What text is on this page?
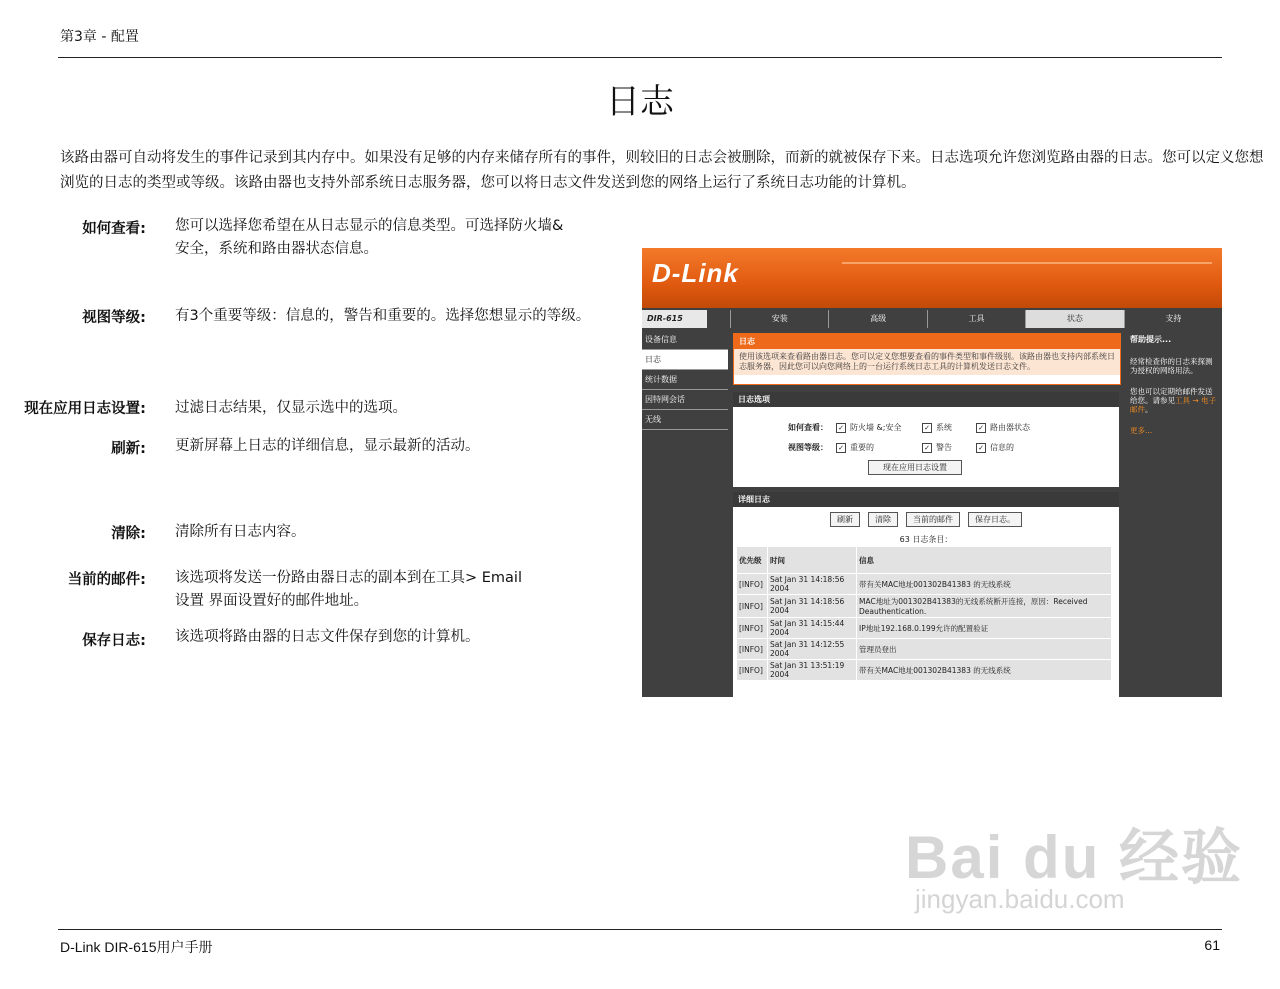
第3章 - 配置
日志
该路由器可自动将发生的事件记录到其内存中。如果没有足够的内存来储存所有的事件，则较旧的日志会被删除，而新的就被保存下来。日志选项允许您浏览路由器的日志。您可以定义您想浏览的日志的类型或等级。该路由器也支持外部系统日志服务器，您可以将日志文件发送到您的网络上运行了系统日志功能的计算机。
如何查看: 您可以选择您希望在从日志显示的信息类型。可选择防火墙&安全，系统和路由器状态信息。
视图等级: 有3个重要等级：信息的，警告和重要的。选择您想显示的等级。
现在应用日志设置: 过滤日志结果，仅显示选中的选项。
刷新: 更新屏幕上日志的详细信息，显示最新的活动。
清除: 清除所有日志内容。
当前的邮件: 该选项将发送一份路由器日志的副本到在工具> Email设置 界面设置好的邮件地址。
保存日志: 该选项将路由器的日志文件保存到您的计算机。
D-Link
DIR-615	安装	高级	工具	状态	支持
设备信息
日志
统计数据
因特网会话
无线
日志
使用该选项来查看路由器日志。您可以定义您想要查看的事件类型和事件级别。该路由器也支持内部系统日志服务器，因此您可以向您网络上的一台运行系统日志工具的计算机发送日志文件。
日志选项
如何查看：	✓ 防火墙 &;安全	✓ 系统	✓ 路由器状态
视图等级：	✓ 重要的	✓ 警告	✓ 信息的
现在应用日志设置
详细日志
刷新	清除	当前的邮件	保存日志。
63 日志条目：
优先级	时间	信息
[INFO]	Sat Jan 31 14:18:56 2004	带有关MAC地址001302B41383 的无线系统
[INFO]	Sat Jan 31 14:18:56 2004	MAC地址为001302B41383的无线系统断开连接，原因：Received Deauthentication.
[INFO]	Sat Jan 31 14:15:44 2004	IP地址192.168.0.199允许的配置验证
[INFO]	Sat Jan 31 14:12:55 2004	管理员登出
[INFO]	Sat Jan 31 13:51:19 2004	带有关MAC地址001302B41383 的无线系统
帮助提示...

经常检查你的日志来探测为授权的网络用法。

您也可以定期给邮件发送给您。请参见工具 → 电子邮件。

更多...

Bai du 经验
jingyan.baidu.com
D-Link DIR-615用户手册	61
